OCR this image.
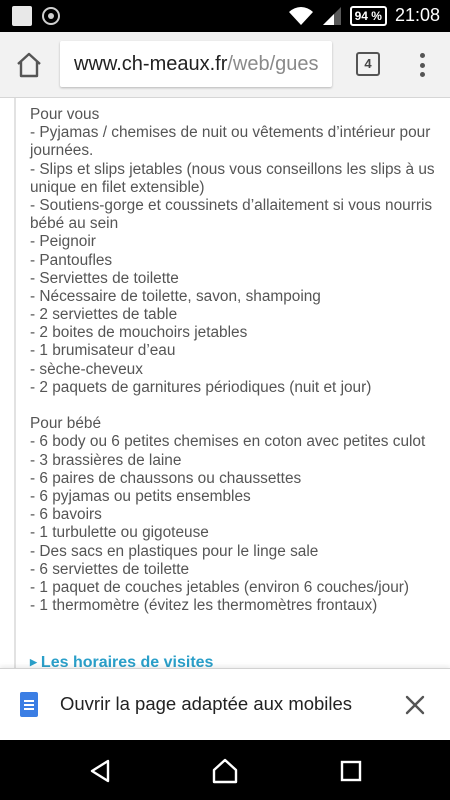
94 % 21:08
www.ch-meaux.fr/web/gues	4
Pour vous
- Pyjamas / chemises de nuit ou vêtements d’intérieur pour
journées.
- Slips et slips jetables (nous vous conseillons les slips à us
unique en filet extensible)
- Soutiens-gorge et coussinets d’allaitement si vous nourris
bébé au sein
- Peignoir
- Pantoufles
- Serviettes de toilette
- Nécessaire de toilette, savon, shampoing
- 2 serviettes de table
- 2 boites de mouchoirs jetables
- 1 brumisateur d’eau
- sèche-cheveux
- 2 paquets de garnitures périodiques (nuit et jour)
Pour bébé
- 6 body ou 6 petites chemises en coton avec petites culot
- 3 brassières de laine
- 6 paires de chaussons ou chaussettes
- 6 pyjamas ou petits ensembles
- 6 bavoirs
- 1 turbulette ou gigoteuse
- Des sacs en plastiques pour le linge sale
- 6 serviettes de toilette
- 1 paquet de couches jetables (environ 6 couches/jour)
- 1 thermomètre (évitez les thermomètres frontaux)
▶ Les horaires de visites
Ouvrir la page adaptée aux mobiles
